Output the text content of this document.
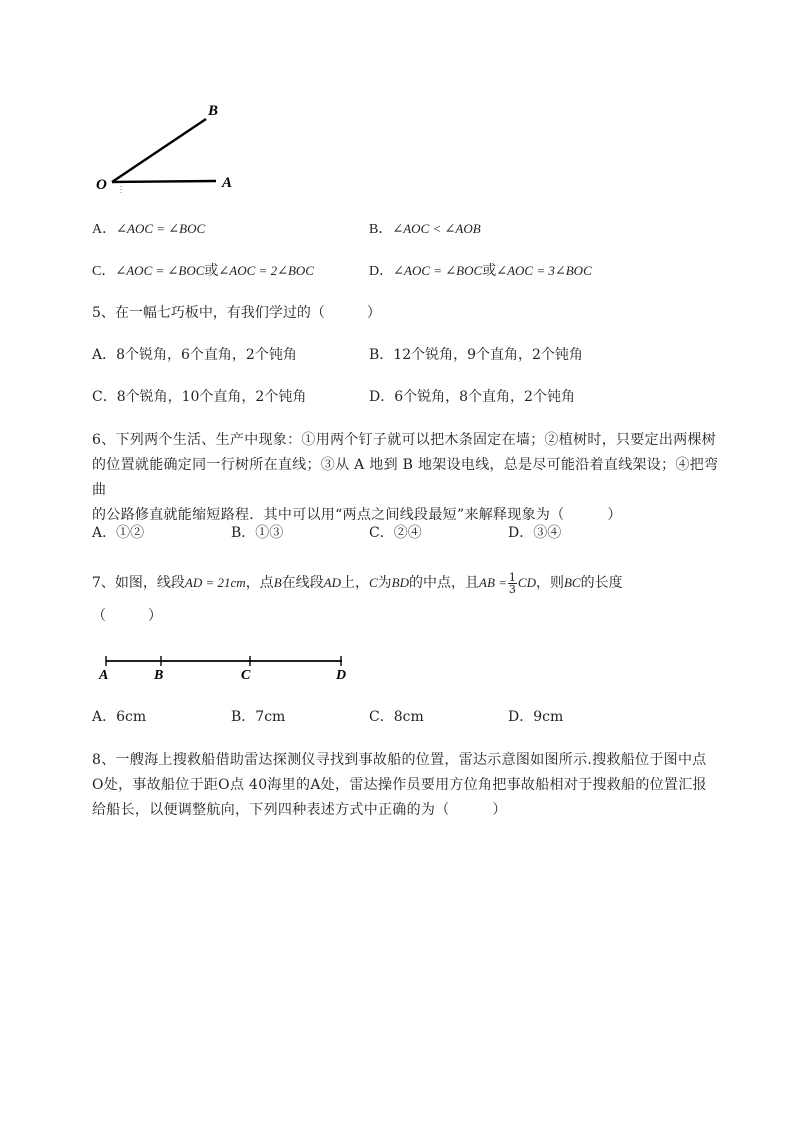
B
O	A
A．∠AOC = ∠BOC	B．∠AOC < ∠AOB
C．∠AOC = ∠BOC或∠AOC = 2∠BOC	D．∠AOC = ∠BOC或∠AOC = 3∠BOC
5、在一幅七巧板中，有我们学过的（　　　）
A．8个锐角，6个直角，2个钝角	B．12个锐角，9个直角，2个钝角
C．8个锐角，10个直角，2个钝角	D．6个锐角，8个直角，2个钝角
6、下列两个生活、生产中现象：①用两个钉子就可以把木条固定在墙；②植树时，只要定出两棵树
的位置就能确定同一行树所在直线；③从 A 地到 B 地架设电线，总是尽可能沿着直线架设；④把弯曲
的公路修直就能缩短路程．其中可以用“两点之间线段最短”来解释现象为（　　　）
A．①②	B．①③	C．②④	D．③④
7、如图，线段AD = 21cm，点B在线段AD上，C为BD的中点，且AB = $\frac{1}{3}$ CD，则BC的长度
（　　　）
A	B	C	D
A．6cm	B．7cm	C．8cm	D．9cm
8、一艘海上搜救船借助雷达探测仪寻找到事故船的位置，雷达示意图如图所示.搜救船位于图中点
O处，事故船位于距O点 40海里的A处，雷达操作员要用方位角把事故船相对于搜救船的位置汇报
给船长，以便调整航向，下列四种表述方式中正确的为（　　　）
